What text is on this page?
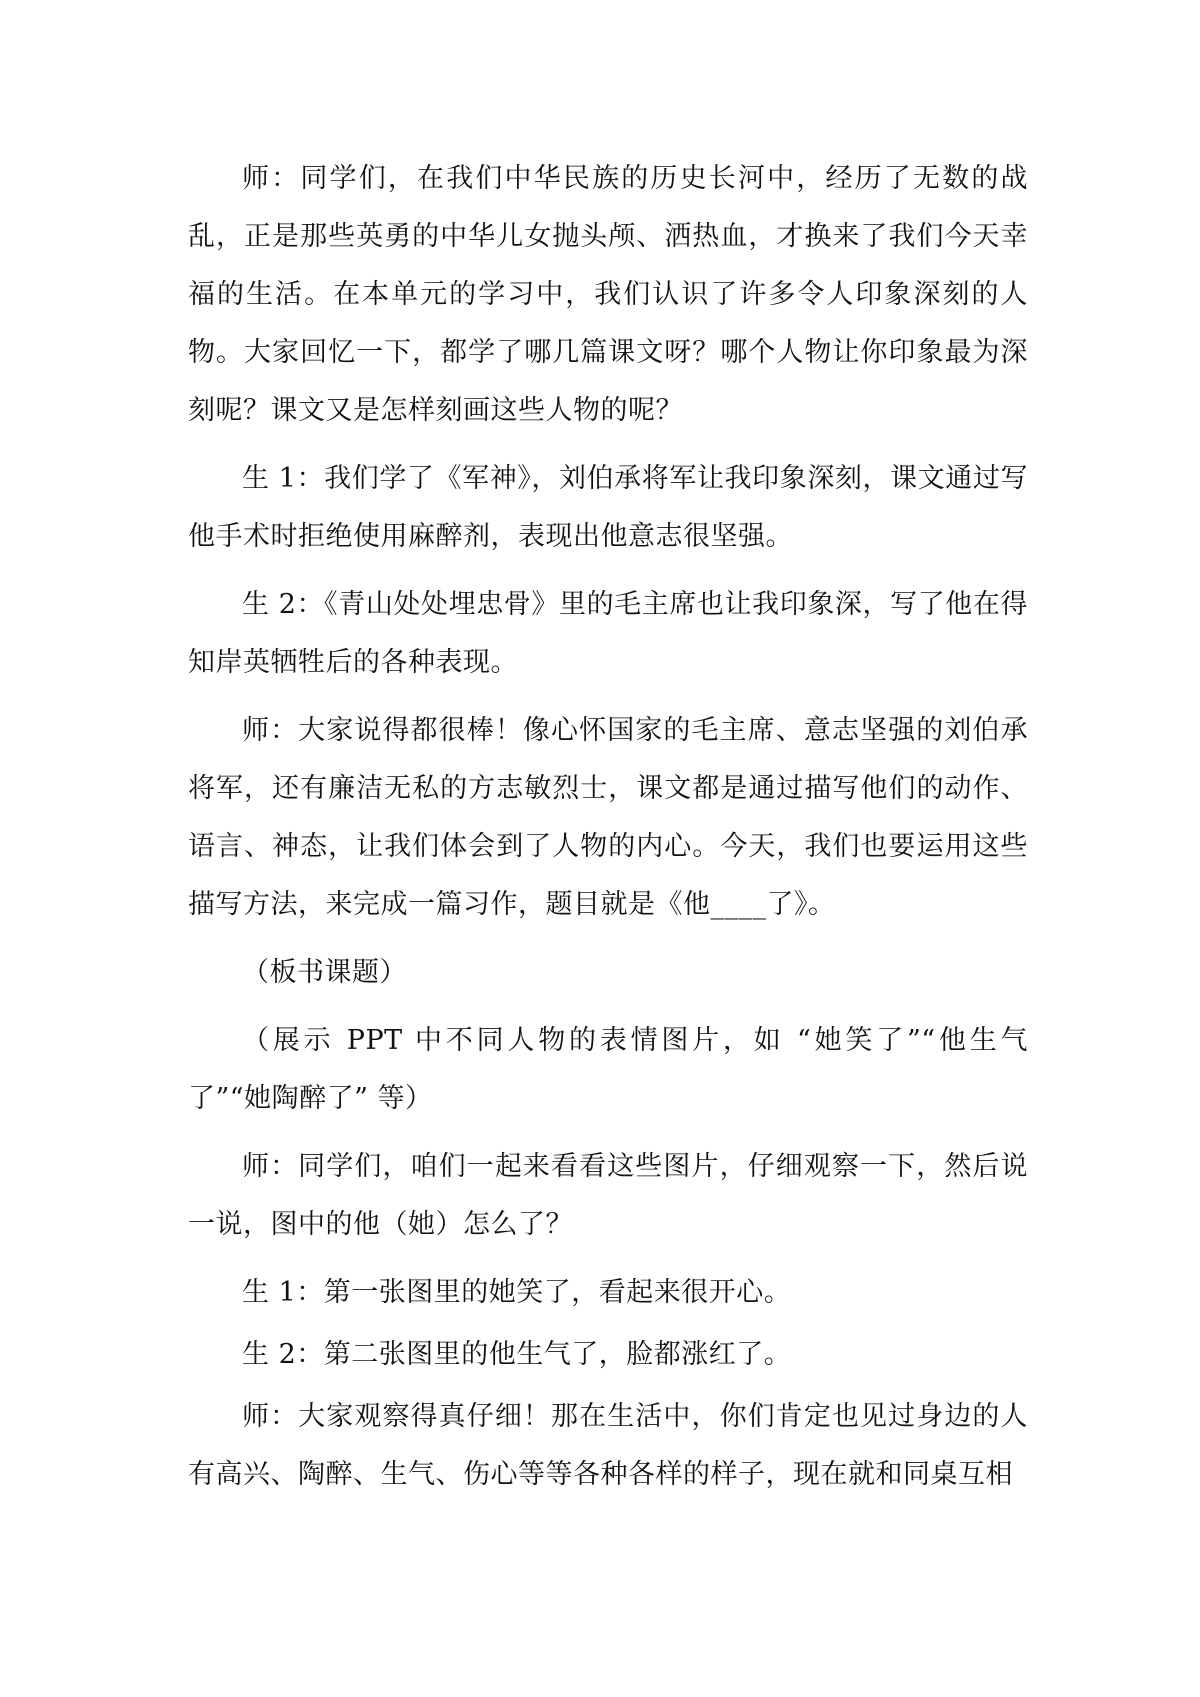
师：同学们，在我们中华民族的历史长河中，经历了无数的战乱，正是那些英勇的中华儿女抛头颅、洒热血，才换来了我们今天幸福的生活。在本单元的学习中，我们认识了许多令人印象深刻的人物。大家回忆一下，都学了哪几篇课文呀？哪个人物让你印象最为深刻呢？课文又是怎样刻画这些人物的呢？

生 1：我们学了《军神》，刘伯承将军让我印象深刻，课文通过写他手术时拒绝使用麻醉剂，表现出他意志很坚强。

生 2：《青山处处埋忠骨》里的毛主席也让我印象深，写了他在得知岸英牺牲后的各种表现。

师：大家说得都很棒！像心怀国家的毛主席、意志坚强的刘伯承将军，还有廉洁无私的方志敏烈士，课文都是通过描写他们的动作、语言、神态，让我们体会到了人物的内心。今天，我们也要运用这些描写方法，来完成一篇习作，题目就是《他____了》。

（板书课题）

（展示 PPT 中不同人物的表情图片，如 “她笑了”“他生气了”“她陶醉了” 等）

师：同学们，咱们一起来看看这些图片，仔细观察一下，然后说一说，图中的他（她）怎么了？

生 1：第一张图里的她笑了，看起来很开心。

生 2：第二张图里的他生气了，脸都涨红了。

师：大家观察得真仔细！那在生活中，你们肯定也见过身边的人有高兴、陶醉、生气、伤心等等各种各样的样子，现在就和同桌互相
